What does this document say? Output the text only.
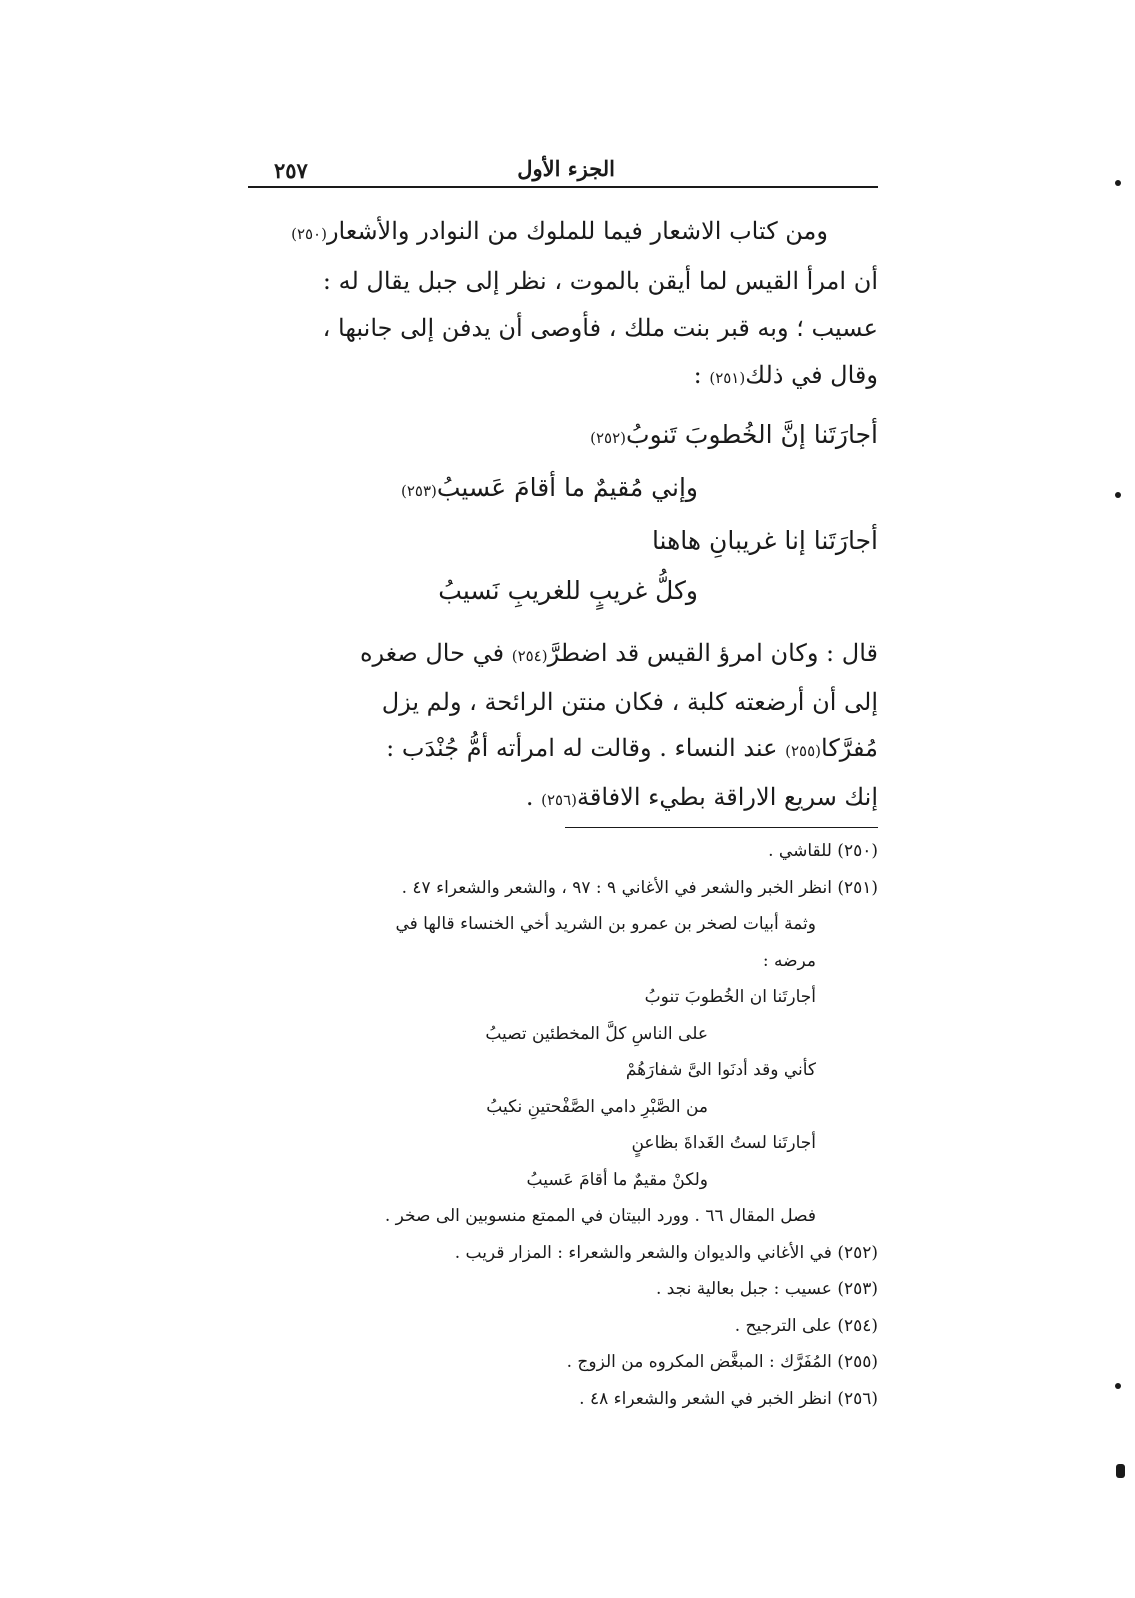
الجزء الأول
٢٥٧
ومن كتاب الاشعار فيما للملوك من النوادر والأشعار(٢٥٠)
أن امرأ القيس لما أيقن بالموت ، نظر إلى جبل يقال له :
عسيب ؛ وبه قبر بنت ملك ، فأوصى أن يدفن إلى جانبها ،
وقال في ذلك(٢٥١) :
أجارَتَنا إنَّ الخُطوبَ تَنوبُ(٢٥٢)
وإني مُقيمٌ ما أقامَ عَسيبُ(٢٥٣)
أجارَتَنا إنا غريبانِ هاهنا
وكلُّ غريبٍ للغريبِ نَسيبُ
قال : وكان امرؤ القيس قد اضطرَّ(٢٥٤) في حال صغره
إلى أن أرضعته كلبة ، فكان منتن الرائحة ، ولم يزل
مُفرَّكا(٢٥٥) عند النساء . وقالت له امرأته أمُّ جُنْدَب :
إنك سريع الاراقة بطيء الافاقة(٢٥٦) .
(٢٥٠) للقاشي .
(٢٥١) انظر الخبر والشعر في الأغاني ٩ : ٩٧ ، والشعر والشعراء ٤٧ .
وثمة أبيات لصخر بن عمرو بن الشريد أخي الخنساء قالها في
مرضه :
أجارتَنا ان الخُطوبَ تنوبُ
على الناسِ كلَّ المخطئين تصيبُ
كأني وقد أدنَوا الىَّ شفارَهُمْ
من الصَّبْرِ دامي الصَّفْحتينِ نكيبُ
أجارتَنا لستُ الغَداةَ بظاعنٍ
ولكنْ مقيمٌ ما أقامَ عَسيبُ
فصل المقال ٦٦ . وورد البيتان في الممتع منسوبين الى صخر .
(٢٥٢) في الأغاني والديوان والشعر والشعراء : المزار قريب .
(٢٥٣) عسيب : جبل بعالية نجد .
(٢٥٤) على الترجيح .
(٢٥٥) المُفَرَّك : المبغَّض المكروه من الزوج .
(٢٥٦) انظر الخبر في الشعر والشعراء ٤٨ .
